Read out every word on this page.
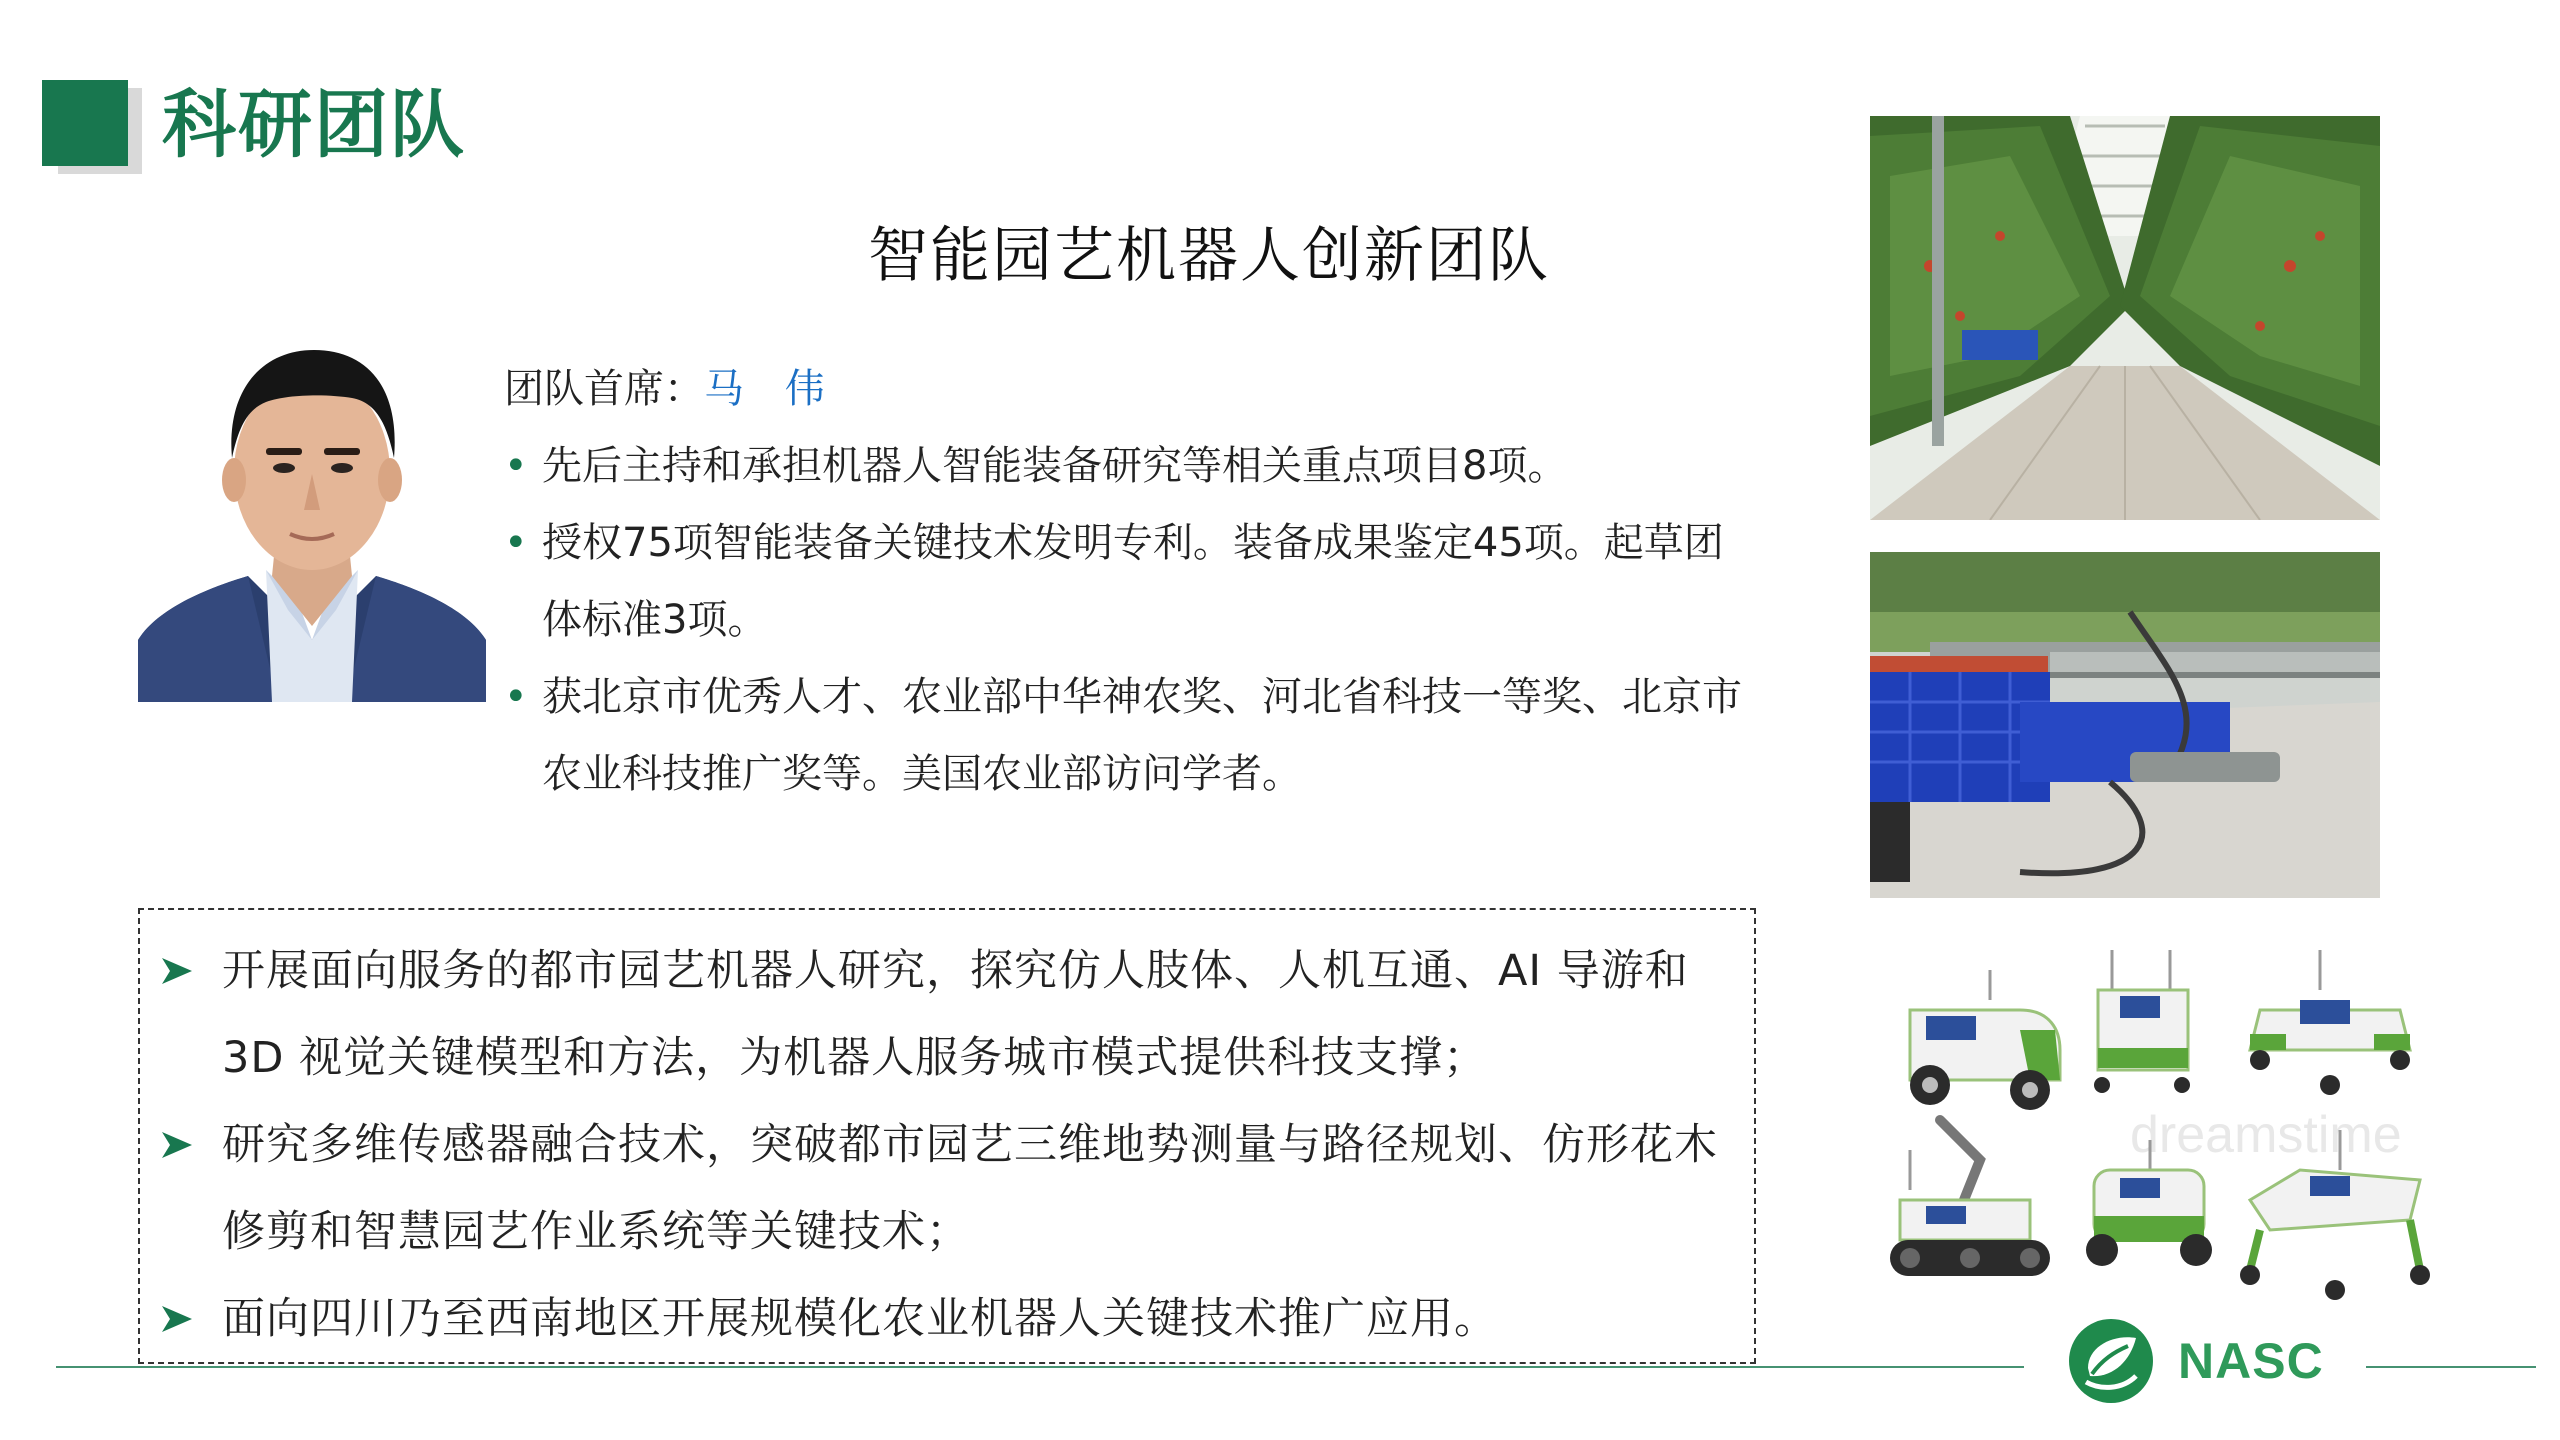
科研团队
智能园艺机器人创新团队
团队首席：马 伟
• 先后主持和承担机器人智能装备研究等相关重点项目8项。
• 授权75项智能装备关键技术发明专利。装备成果鉴定45项。起草团体标准3项。
• 获北京市优秀人才、农业部中华神农奖、河北省科技一等奖、北京市农业科技推广奖等。美国农业部访问学者。
开展面向服务的都市园艺机器人研究，探究仿人肢体、人机互通、AI 导游和 3D 视觉关键模型和方法，为机器人服务城市模式提供科技支撑；
研究多维传感器融合技术，突破都市园艺三维地势测量与路径规划、仿形花木修剪和智慧园艺作业系统等关键技术；
面向四川乃至西南地区开展规模化农业机器人关键技术推广应用。
dreamstime
NASC
